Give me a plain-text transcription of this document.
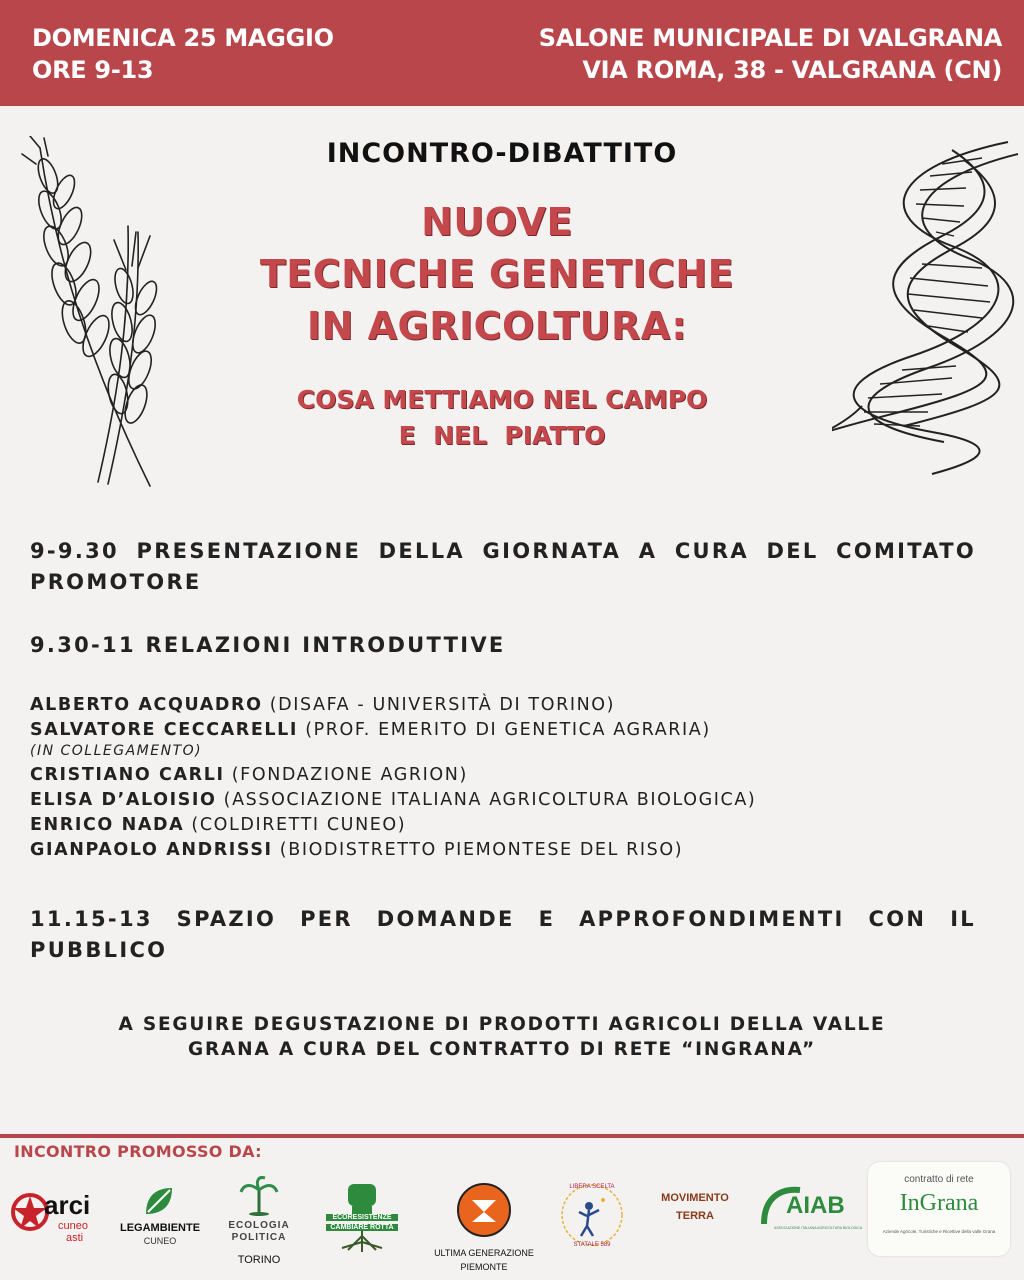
DOMENICA 25 MAGGIO
ORE 9-13
SALONE MUNICIPALE DI VALGRANA
VIA ROMA, 38 - VALGRANA (CN)
INCONTRO-DIBATTITO
NUOVE
TECNICHE GENETICHE
IN AGRICOLTURA:
COSA METTIAMO NEL CAMPO
E  NEL  PIATTO
9-9.30 PRESENTAZIONE DELLA GIORNATA A CURA DEL COMITATO PROMOTORE
9.30-11 RELAZIONI INTRODUTTIVE
ALBERTO ACQUADRO (DISAFA - UNIVERSITÀ DI TORINO)
SALVATORE CECCARELLI (PROF. EMERITO DI GENETICA AGRARIA)
(IN COLLEGAMENTO)
CRISTIANO CARLI (FONDAZIONE AGRION)
ELISA D’ALOISIO (ASSOCIAZIONE ITALIANA AGRICOLTURA BIOLOGICA)
ENRICO NADA (COLDIRETTI CUNEO)
GIANPAOLO ANDRISSI (BIODISTRETTO PIEMONTESE DEL RISO)
11.15-13 SPAZIO PER DOMANDE E APPROFONDIMENTI CON IL PUBBLICO
A SEGUIRE DEGUSTAZIONE DI PRODOTTI AGRICOLI DELLA VALLE
GRANA A CURA DEL CONTRATTO DI RETE “INGRANA”
INCONTRO PROMOSSO DA:
arci
cuneo
asti
LEGAMBIENTE
CUNEO
ECOLOGIA
POLITICA
TORINO
ECORESISTENZE
CAMBIARE ROTTA
ULTIMA GENERAZIONE
PIEMONTE
LIBERA SCELTA
STATALE 589
MOVIMENTO
TERRA	AIAB
ASSOCIAZIONE ITALIANA AGRICOLTURA BIOLOGICA
contratto di rete
InGrana
Aziende Agricole, Turistiche e Ricettive della valle Grana
